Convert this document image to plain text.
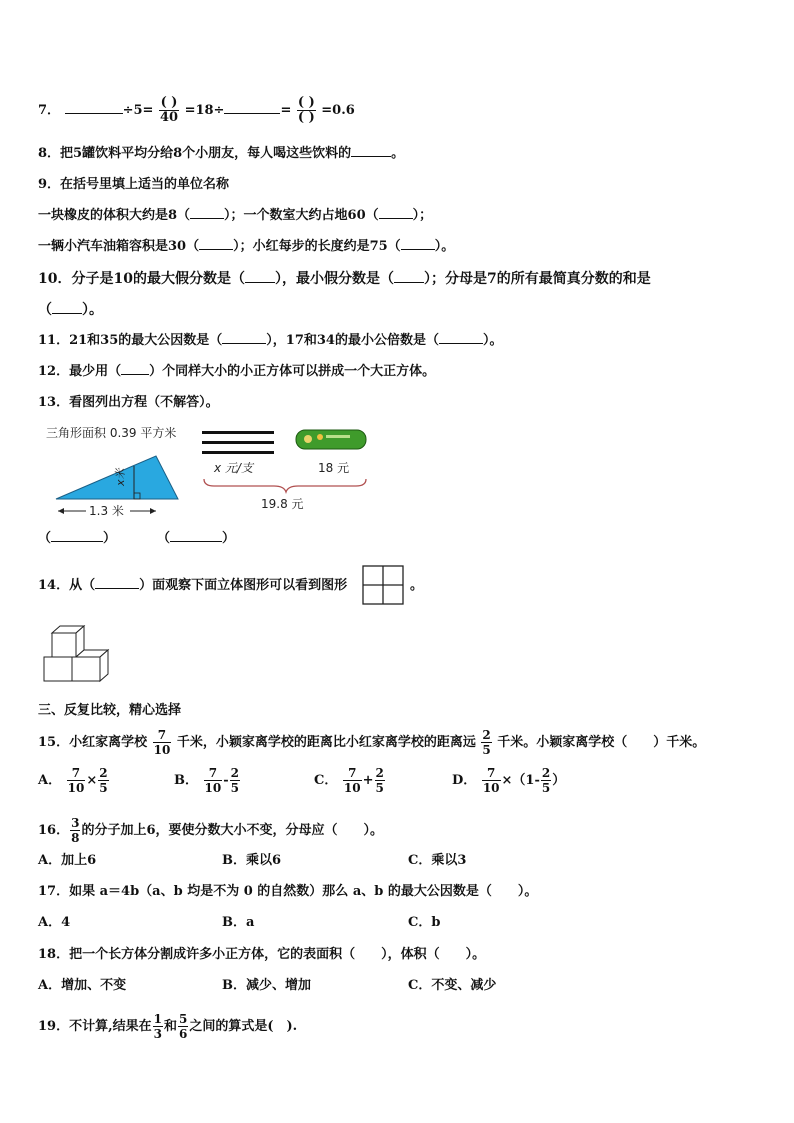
7．	$\div 5= \frac{( )}{40} =18\div$	= $\frac{( )}{( )} =0.6$
8．把5罐饮料平均分给8个小朋友，每人喝这些饮料的	。
9．在括号里填上适当的单位名称
一块橡皮的体积大约是8（	）；一个数室大约占地60（	）；
一辆小汽车油箱容积是30（	）；小红每步的长度约是75（	）。
10．分子是10的最大假分数是（ ），最小假分数是（ ）；分母是7的所有最简真分数的和是
（ ）。
11．21和35的最大公因数是（	），17和34的最小公倍数是（	）。
12．最少用（ ）个同样大小的小正方体可以拼成一个大正方体。
13．看图列出方程（不解答）。
三角形面积 0.39 平方米
x米
1.3 米
x 元/支	18 元
19.8 元
（	）	（	）
14．从（	）面观察下面立体图形可以看到图形	。
三、反复比较，精心选择
15．小红家离学校 $\frac{7}{10}$ 千米，小颖家离学校的距离比小红家离学校的距离远 $\frac{2}{5}$ 千米。小颖家离学校（　　）千米。
A． $\frac{7}{10} \times \frac{2}{5}$	B． $\frac{7}{10} - \frac{2}{5}$	C． $\frac{7}{10} + \frac{2}{5}$	D． $\frac{7}{10} \times(1- \frac{2}{5}$ ）
16． $\frac{3}{8}$ 的分子加上6，要使分数大小不变，分母应（　　）。
A．加上6	B．乘以6	C．乘以3
17．如果 a＝4b（a、b 均是不为 0 的自然数）那么 a、b 的最大公因数是（　　）。
A．4	B．a	C．b
18．把一个长方体分割成许多小正方体，它的表面积（　　），体积（　　）。
A．增加、不变	B．减少、增加	C．不变、减少
19．不计算,结果在 $\frac{1}{3}$ 和 $\frac{5}{6}$ 之间的算式是(　).
